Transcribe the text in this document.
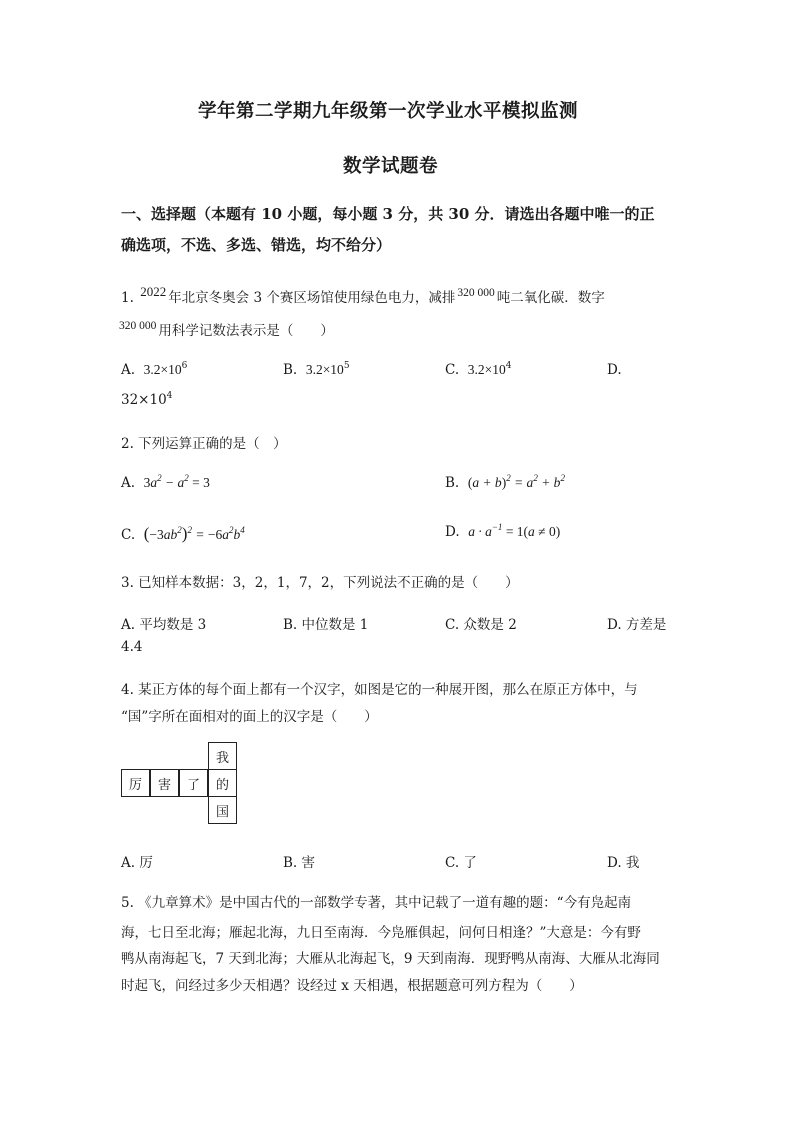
学年第二学期九年级第一次学业水平模拟监测
数学试题卷
一、选择题（本题有 10 小题，每小题 3 分，共 30 分．请选出各题中唯一的正
确选项，不选、多选、错选，均不给分）
1. 2022 年北京冬奥会 3 个赛区场馆使用绿色电力，减排 320 000 吨二氧化碳．数字
320 000 用科学记数法表示是（　　）
A. $3.2\times 10^6$	B. $3.2\times 10^5$	C. $3.2\times 10^4$	D.
$32\times 10^4$
2. 下列运算正确的是（　）
A. $3a^2 - a^2 = 3$	B. $(a + b)^2 = a^2 + b^2$
C. $(-3ab^2)^2 = -6a^2b^4$	D. $a \cdot a^{-1} = 1(a \ne 0)$
3. 已知样本数据：3，2，1，7，2，下列说法不正确的是（　　）
A. 平均数是 3	B. 中位数是 1	C. 众数是 2	D. 方差是
4.4
4. 某正方体的每个面上都有一个汉字，如图是它的一种展开图，那么在原正方体中，与
“国”字所在面相对的面上的汉字是（　　）
厉	害	了
我
的
国
A. 厉	B. 害	C. 了	D. 我
5. 《九章算术》是中国古代的一部数学专著，其中记载了一道有趣的题：“今有凫起南
海，七日至北海；雁起北海，九日至南海．今凫雁俱起，问何日相逢？”大意是：今有野
鸭从南海起飞，7 天到北海；大雁从北海起飞，9 天到南海．现野鸭从南海、大雁从北海同
时起飞，问经过多少天相遇？设经过 x 天相遇，根据题意可列方程为（　　）
